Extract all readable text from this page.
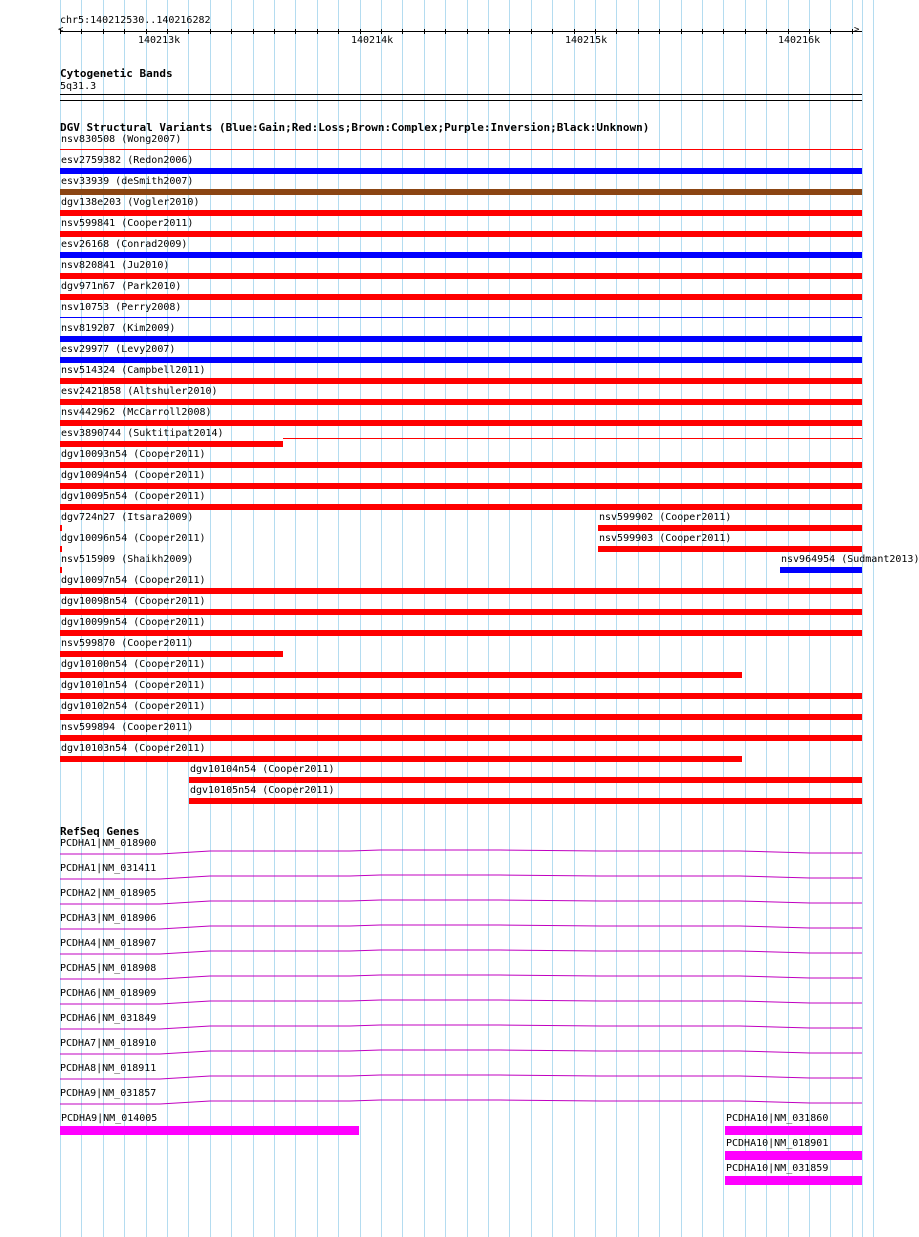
chr5:140212530..140216282
<	>
140213k	140214k	140215k	140216k
Cytogenetic Bands
5q31.3
DGV Structural Variants (Blue:Gain;Red:Loss;Brown:Complex;Purple:Inversion;Black:Unknown)
nsv830508 (Wong2007)
esv2759382 (Redon2006)
esv33939 (deSmith2007)
dgv138e203 (Vogler2010)
nsv599841 (Cooper2011)
esv26168 (Conrad2009)
nsv820841 (Ju2010)
dgv971n67 (Park2010)
nsv10753 (Perry2008)
nsv819207 (Kim2009)
esv29977 (Levy2007)
nsv514324 (Campbell2011)
esv2421858 (Altshuler2010)
nsv442962 (McCarroll2008)
esv3890744 (Suktitipat2014)
dgv10093n54 (Cooper2011)
dgv10094n54 (Cooper2011)
dgv10095n54 (Cooper2011)
dgv724n27 (Itsara2009)	nsv599902 (Cooper2011)
dgv10096n54 (Cooper2011)	nsv599903 (Cooper2011)
nsv515909 (Shaikh2009)	nsv964954 (Sudmant2013)
dgv10097n54 (Cooper2011)
dgv10098n54 (Cooper2011)
dgv10099n54 (Cooper2011)
nsv599870 (Cooper2011)
dgv10100n54 (Cooper2011)
dgv10101n54 (Cooper2011)
dgv10102n54 (Cooper2011)
nsv599894 (Cooper2011)
dgv10103n54 (Cooper2011)
dgv10104n54 (Cooper2011)
dgv10105n54 (Cooper2011)
RefSeq Genes
PCDHA1|NM_018900
PCDHA1|NM_031411
PCDHA2|NM_018905
PCDHA3|NM_018906
PCDHA4|NM_018907
PCDHA5|NM_018908
PCDHA6|NM_018909
PCDHA6|NM_031849
PCDHA7|NM_018910
PCDHA8|NM_018911
PCDHA9|NM_031857
PCDHA9|NM_014005	PCDHA10|NM_031860
PCDHA10|NM_018901
PCDHA10|NM_031859
